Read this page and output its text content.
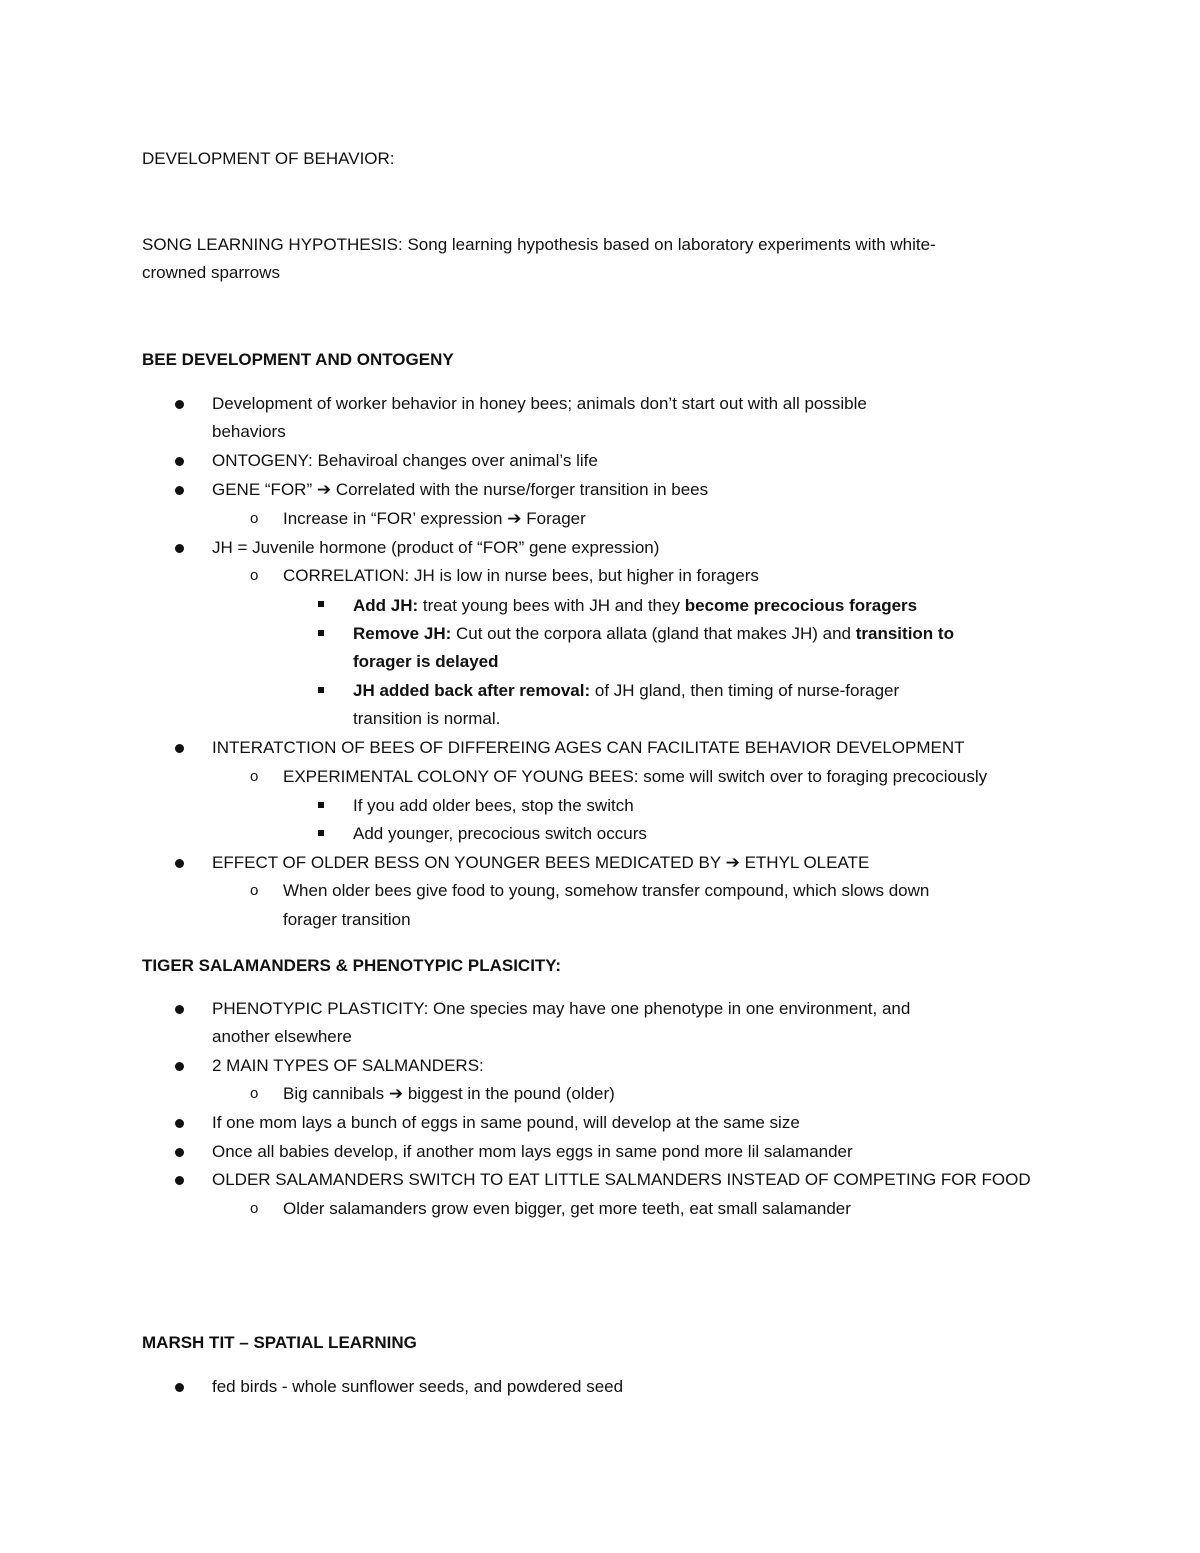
DEVELOPMENT OF BEHAVIOR:
SONG LEARNING HYPOTHESIS: Song learning hypothesis based on laboratory experiments with white-
crowned sparrows
BEE DEVELOPMENT AND ONTOGENY
Development of worker behavior in honey bees; animals don’t start out with all possible
behaviors
ONTOGENY: Behaviroal changes over animal’s life
GENE “FOR” ➔ Correlated with the nurse/forger transition in bees
o Increase in “FOR’ expression ➔ Forager
JH = Juvenile hormone (product of “FOR” gene expression)
o CORRELATION: JH is low in nurse bees, but higher in foragers
Add JH: treat young bees with JH and they become precocious foragers
Remove JH: Cut out the corpora allata (gland that makes JH) and transition to
forager is delayed
JH added back after removal: of JH gland, then timing of nurse-forager
transition is normal.
INTERATCTION OF BEES OF DIFFEREING AGES CAN FACILITATE BEHAVIOR DEVELOPMENT
o EXPERIMENTAL COLONY OF YOUNG BEES: some will switch over to foraging precociously
If you add older bees, stop the switch
Add younger, precocious switch occurs
EFFECT OF OLDER BESS ON YOUNGER BEES MEDICATED BY ➔ ETHYL OLEATE
o When older bees give food to young, somehow transfer compound, which slows down
forager transition
TIGER SALAMANDERS & PHENOTYPIC PLASICITY:
PHENOTYPIC PLASTICITY: One species may have one phenotype in one environment, and
another elsewhere
2 MAIN TYPES OF SALMANDERS:
o Big cannibals ➔ biggest in the pound (older)
If one mom lays a bunch of eggs in same pound, will develop at the same size
Once all babies develop, if another mom lays eggs in same pond more lil salamander
OLDER SALAMANDERS SWITCH TO EAT LITTLE SALMANDERS INSTEAD OF COMPETING FOR FOOD
o Older salamanders grow even bigger, get more teeth, eat small salamander
MARSH TIT – SPATIAL LEARNING
fed birds - whole sunflower seeds, and powdered seed
